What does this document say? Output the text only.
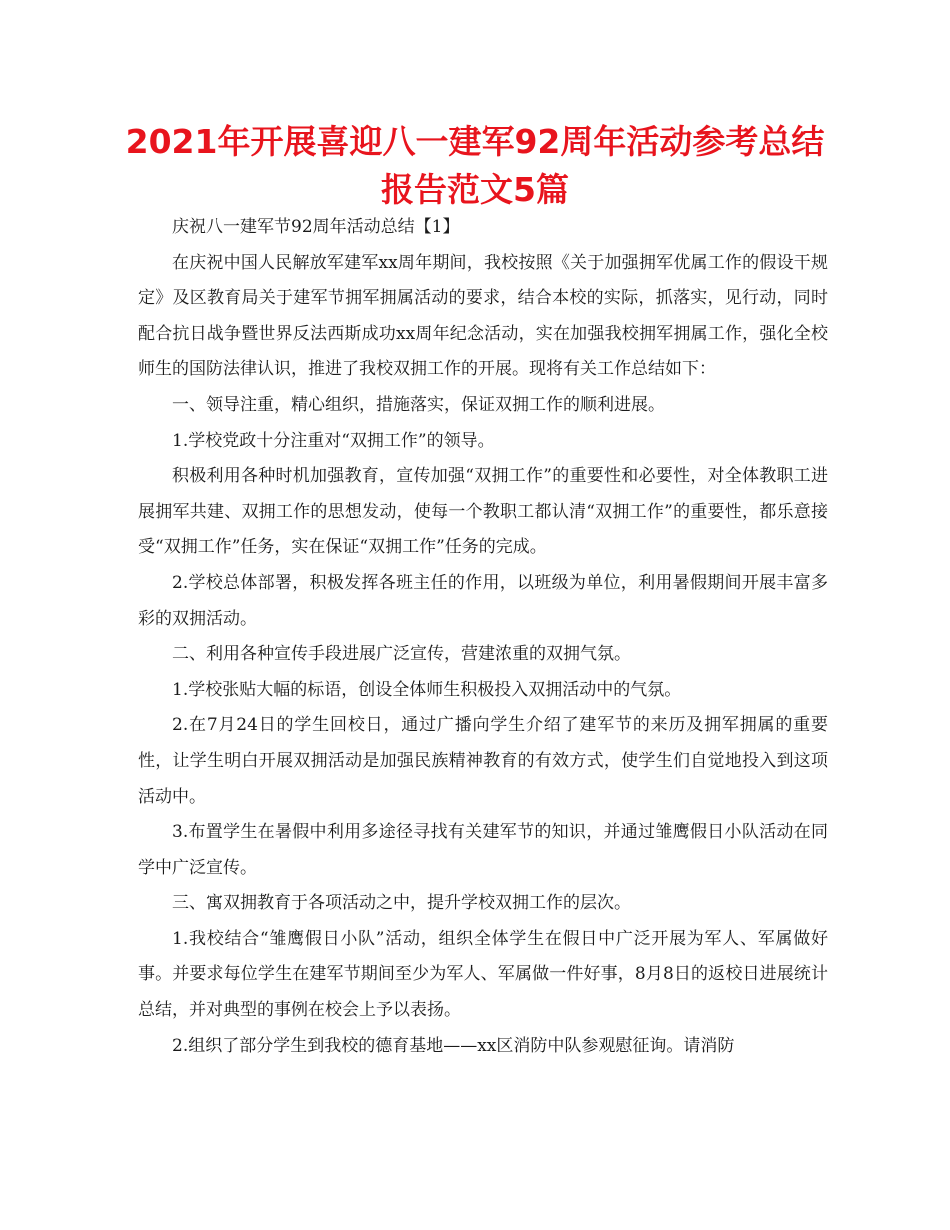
2021年开展喜迎八一建军92周年活动参考总结
报告范文5篇

庆祝八一建军节92周年活动总结【1】

在庆祝中国人民解放军建军xx周年期间，我校按照《关于加强拥军优属工作的假设干规定》及区教育局关于建军节拥军拥属活动的要求，结合本校的实际，抓落实，见行动，同时配合抗日战争暨世界反法西斯成功xx周年纪念活动，实在加强我校拥军拥属工作，强化全校师生的国防法律认识，推进了我校双拥工作的开展。现将有关工作总结如下：

一、领导注重，精心组织，措施落实，保证双拥工作的顺利进展。

1.学校党政十分注重对“双拥工作”的领导。

积极利用各种时机加强教育，宣传加强“双拥工作”的重要性和必要性，对全体教职工进展拥军共建、双拥工作的思想发动，使每一个教职工都认清“双拥工作”的重要性，都乐意接受“双拥工作”任务，实在保证“双拥工作”任务的完成。

2.学校总体部署，积极发挥各班主任的作用，以班级为单位，利用暑假期间开展丰富多彩的双拥活动。

二、利用各种宣传手段进展广泛宣传，营建浓重的双拥气氛。

1.学校张贴大幅的标语，创设全体师生积极投入双拥活动中的气氛。

2.在7月24日的学生回校日，通过广播向学生介绍了建军节的来历及拥军拥属的重要性，让学生明白开展双拥活动是加强民族精神教育的有效方式，使学生们自觉地投入到这项活动中。

3.布置学生在暑假中利用多途径寻找有关建军节的知识，并通过雏鹰假日小队活动在同学中广泛宣传。

三、寓双拥教育于各项活动之中，提升学校双拥工作的层次。

1.我校结合“雏鹰假日小队”活动，组织全体学生在假日中广泛开展为军人、军属做好事。并要求每位学生在建军节期间至少为军人、军属做一件好事，8月8日的返校日进展统计总结，并对典型的事例在校会上予以表扬。

2.组织了部分学生到我校的德育基地——xx区消防中队参观慰征询。请消防
